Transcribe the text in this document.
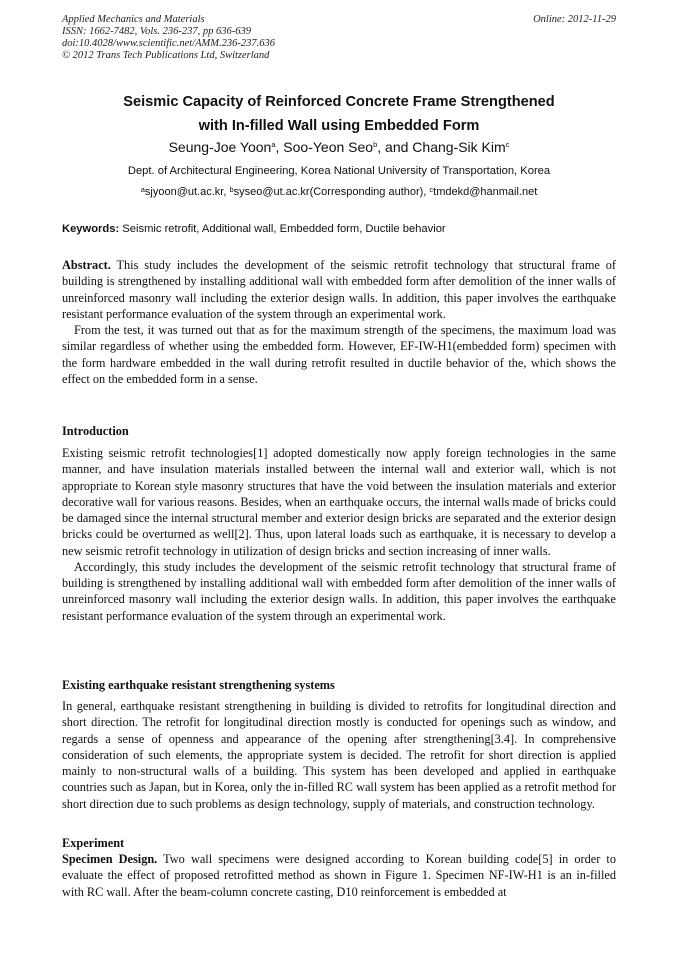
Applied Mechanics and Materials
ISSN: 1662-7482, Vols. 236-237, pp 636-639
doi:10.4028/www.scientific.net/AMM.236-237.636
© 2012 Trans Tech Publications Ltd, Switzerland
Online: 2012-11-29
Seismic Capacity of Reinforced Concrete Frame Strengthened
with In-filled Wall using Embedded Form
Seung-Joe Yoon$^a$, Soo-Yeon Seo$^b$, and Chang-Sik Kim$^c$
Dept. of Architectural Engineering, Korea National University of Transportation, Korea
$^a$sjyoon@ut.ac.kr, $^b$syseo@ut.ac.kr(Corresponding author), $^c$tmdekd@hanmail.net
Keywords: Seismic retrofit, Additional wall, Embedded form, Ductile behavior

Abstract. This study includes the development of the seismic retrofit technology that structural frame of building is strengthened by installing additional wall with embedded form after demolition of the inner walls of unreinforced masonry wall including the exterior design walls. In addition, this paper involves the earthquake resistant performance evaluation of the system through an experimental work.

From the test, it was turned out that as for the maximum strength of the specimens, the maximum load was similar regardless of whether using the embedded form. However, EF-IW-H1(embedded form) specimen with the form hardware embedded in the wall during retrofit resulted in ductile behavior of the, which shows the effect on the embedded form in a sense.

Introduction

Existing seismic retrofit technologies[1] adopted domestically now apply foreign technologies in the same manner, and have insulation materials installed between the internal wall and exterior wall, which is not appropriate to Korean style masonry structures that have the void between the insulation materials and exterior decorative wall for various reasons. Besides, when an earthquake occurs, the internal walls made of bricks could be damaged since the internal structural member and exterior design bricks are separated and the exterior design bricks could be overturned as well[2]. Thus, upon lateral loads such as earthquake, it is necessary to develop a new seismic retrofit technology in utilization of design bricks and section increasing of inner walls.

Accordingly, this study includes the development of the seismic retrofit technology that structural frame of building is strengthened by installing additional wall with embedded form after demolition of the inner walls of unreinforced masonry wall including the exterior design walls. In addition, this paper involves the earthquake resistant performance evaluation of the system through an experimental work.

Existing earthquake resistant strengthening systems

In general, earthquake resistant strengthening in building is divided to retrofits for longitudinal direction and short direction. The retrofit for longitudinal direction mostly is conducted for openings such as window, and regards a sense of openness and appearance of the opening after strengthening[3.4]. In comprehensive consideration of such elements, the appropriate system is decided. The retrofit for short direction is applied mainly to non-structural walls of a building. This system has been developed and applied in earthquake countries such as Japan, but in Korea, only the in-filled RC wall system has been applied as a retrofit method for short direction due to such problems as design technology, supply of materials, and construction technology.

Experiment

Specimen Design. Two wall specimens were designed according to Korean building code[5] in order to evaluate the effect of proposed retrofitted method as shown in Figure 1. Specimen NF-IW-H1 is an in-filled with RC wall. After the beam-column concrete casting, D10 reinforcement is embedded at
